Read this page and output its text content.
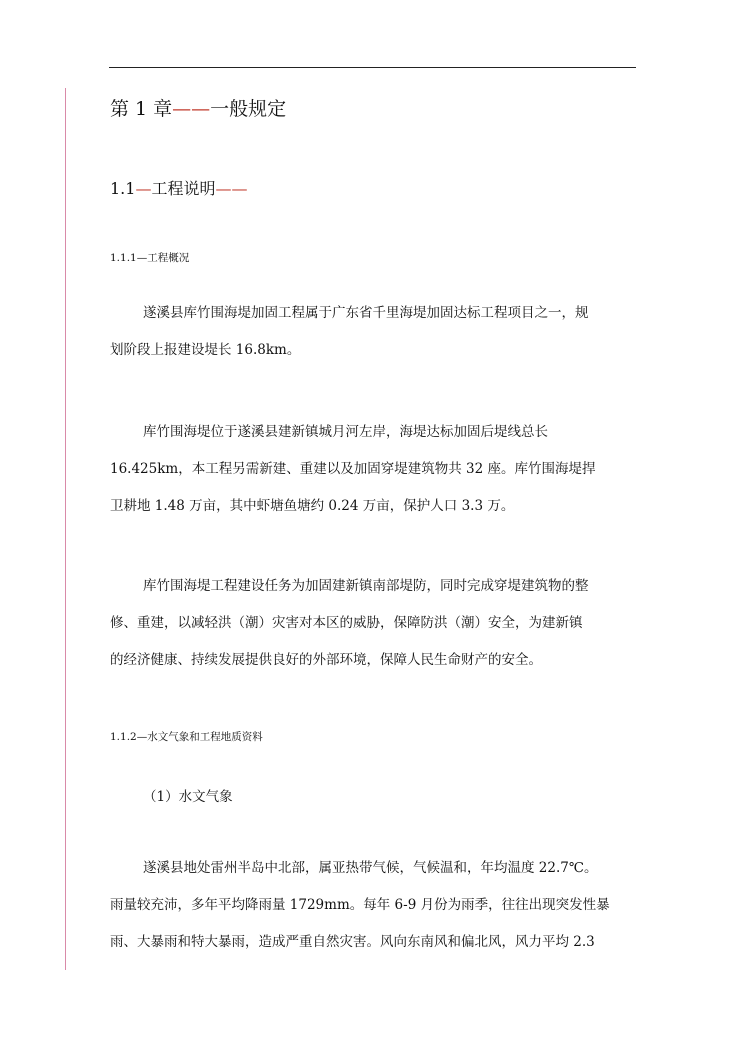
第 1 章——一般规定
1.1—工程说明——
1.1.1—工程概况
遂溪县库竹围海堤加固工程属于广东省千里海堤加固达标工程项目之一，规
划阶段上报建设堤长 16.8km。
库竹围海堤位于遂溪县建新镇城月河左岸，海堤达标加固后堤线总长
16.425km，本工程另需新建、重建以及加固穿堤建筑物共 32 座。库竹围海堤捍
卫耕地 1.48 万亩，其中虾塘鱼塘约 0.24 万亩，保护人口 3.3 万。
库竹围海堤工程建设任务为加固建新镇南部堤防，同时完成穿堤建筑物的整
修、重建，以减轻洪（潮）灾害对本区的威胁，保障防洪（潮）安全，为建新镇
的经济健康、持续发展提供良好的外部环境，保障人民生命财产的安全。
1.1.2—水文气象和工程地质资料
（1）水文气象
遂溪县地处雷州半岛中北部，属亚热带气候，气候温和，年均温度 22.7℃。
雨量较充沛，多年平均降雨量 1729mm。每年 6-9 月份为雨季，往往出现突发性暴
雨、大暴雨和特大暴雨，造成严重自然灾害。风向东南风和偏北风，风力平均 2.3
